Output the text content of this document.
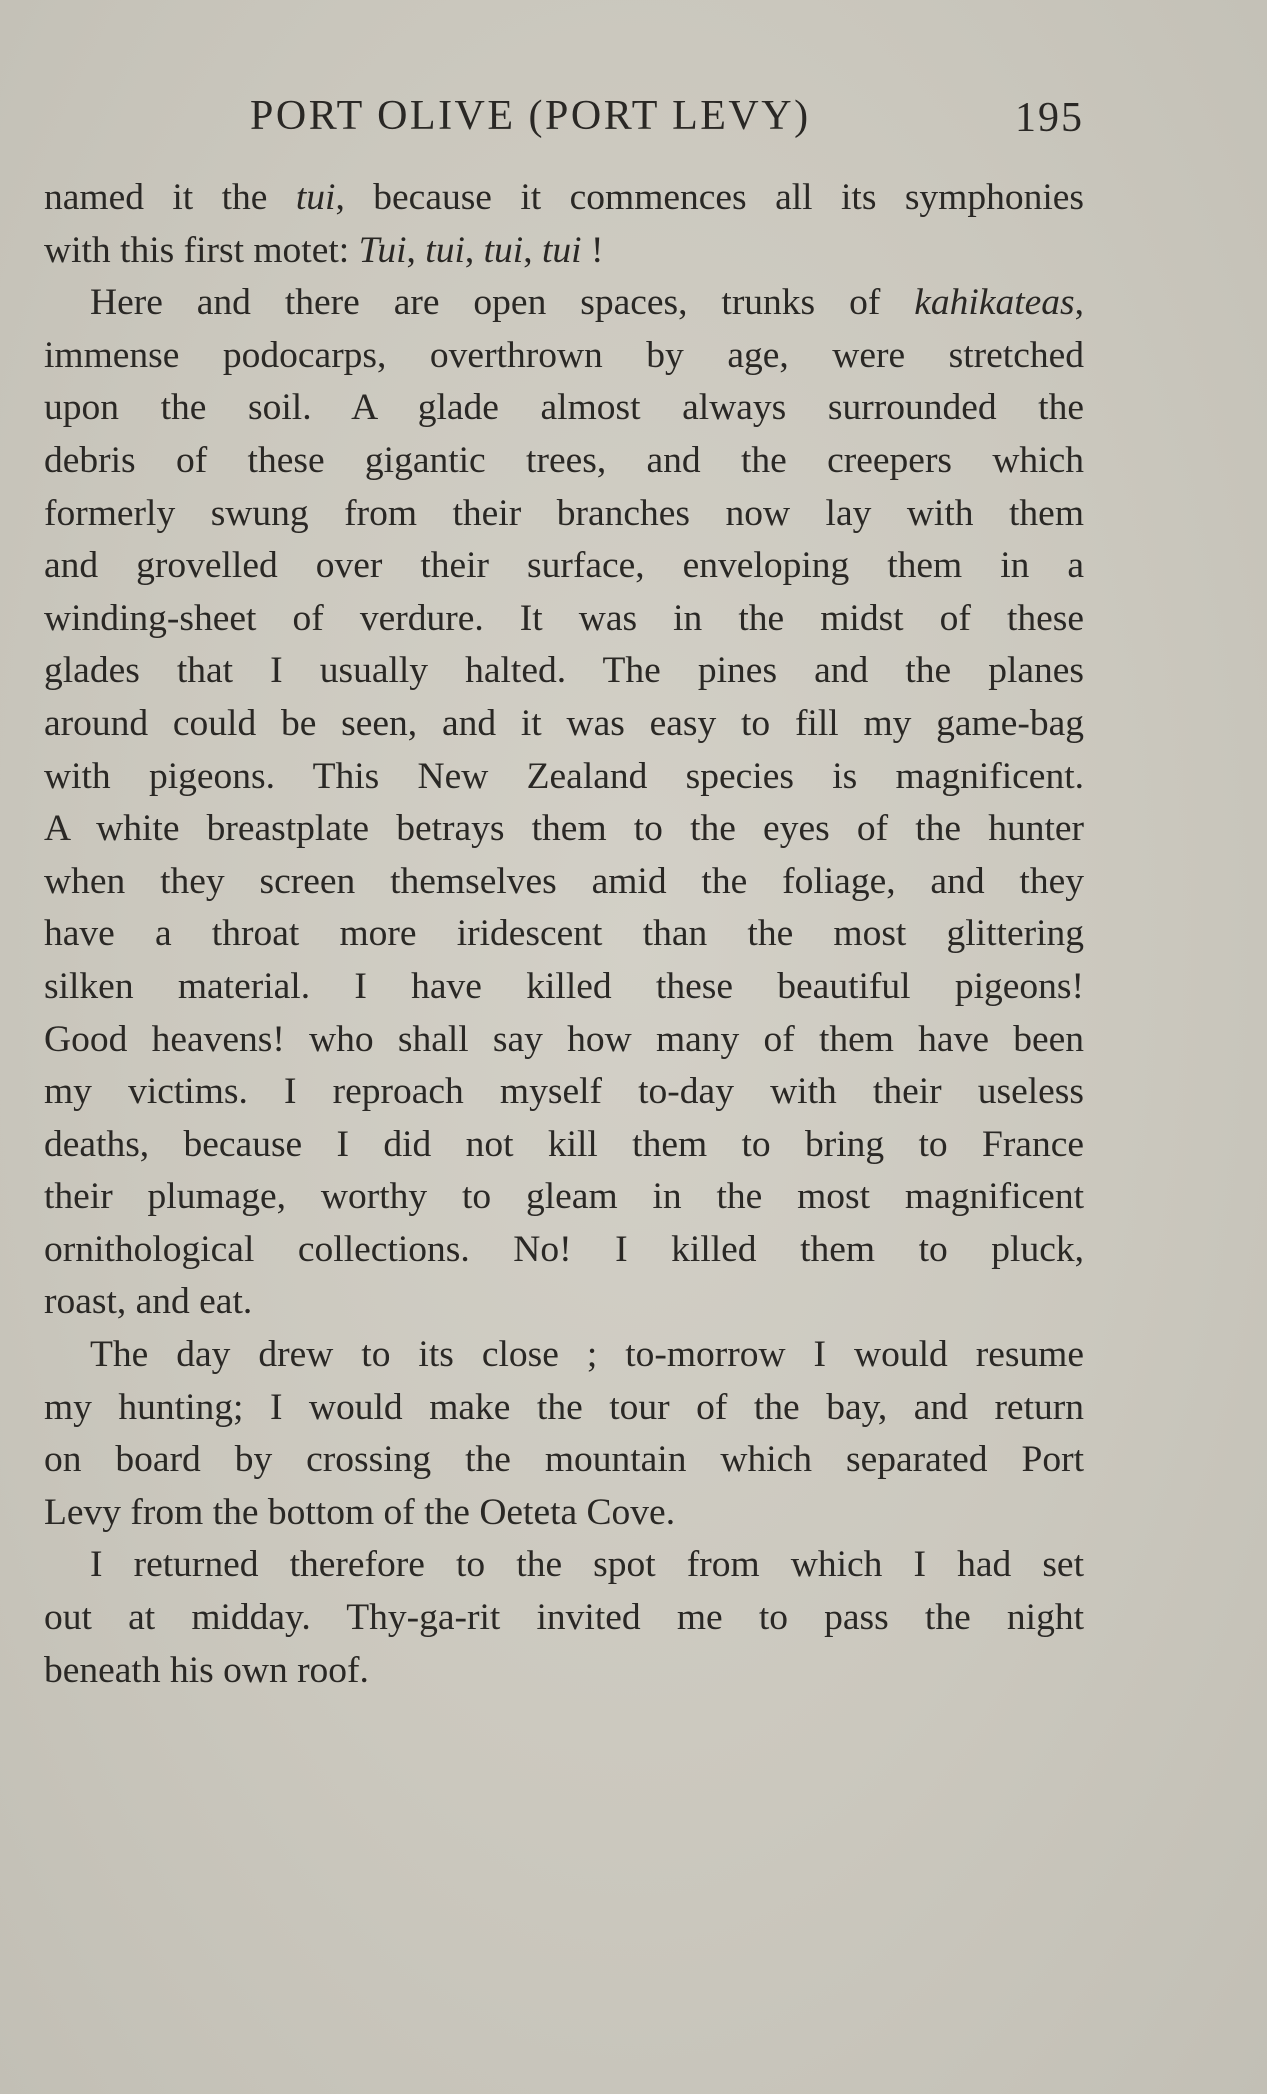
PORT OLIVE (PORT LEVY)	195
named it the tui, because it commences all its symphonies
with this first motet: Tui, tui, tui, tui !
Here and there are open spaces, trunks of kahikateas,
immense podocarps, overthrown by age, were stretched
upon the soil. A glade almost always surrounded the
debris of these gigantic trees, and the creepers which
formerly swung from their branches now lay with them
and grovelled over their surface, enveloping them in a
winding-sheet of verdure. It was in the midst of these
glades that I usually halted. The pines and the planes
around could be seen, and it was easy to fill my game-bag
with pigeons. This New Zealand species is magnificent.
A white breastplate betrays them to the eyes of the hunter
when they screen themselves amid the foliage, and they
have a throat more iridescent than the most glittering
silken material. I have killed these beautiful pigeons!
Good heavens! who shall say how many of them have been
my victims. I reproach myself to-day with their useless
deaths, because I did not kill them to bring to France
their plumage, worthy to gleam in the most magnificent
ornithological collections. No! I killed them to pluck,
roast, and eat.
The day drew to its close ; to-morrow I would resume
my hunting; I would make the tour of the bay, and return
on board by crossing the mountain which separated Port
Levy from the bottom of the Oeteta Cove.
I returned therefore to the spot from which I had set
out at midday. Thy-ga-rit invited me to pass the night
beneath his own roof.
